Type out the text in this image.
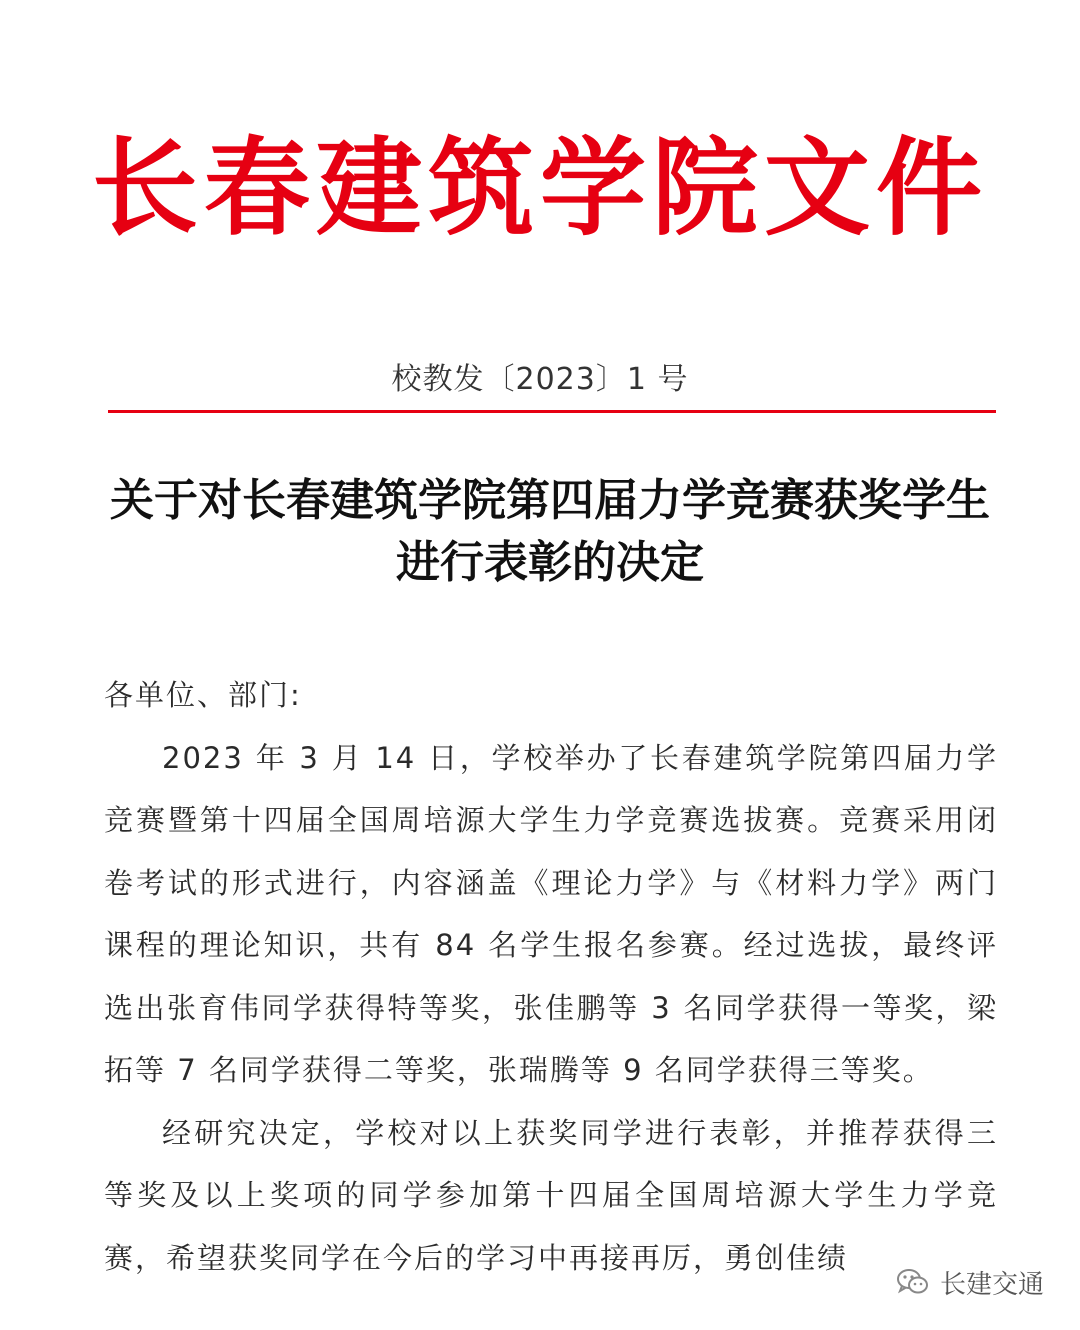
长春建筑学院文件
校教发〔2023〕1 号
关于对长春建筑学院第四届力学竞赛获奖学生
进行表彰的决定

各单位、部门:

2023 年 3 月 14 日，学校举办了长春建筑学院第四届力学竞赛暨第十四届全国周培源大学生力学竞赛选拔赛。竞赛采用闭卷考试的形式进行，内容涵盖《理论力学》与《材料力学》两门课程的理论知识，共有 84 名学生报名参赛。经过选拔，最终评选出张育伟同学获得特等奖，张佳鹏等 3 名同学获得一等奖，梁拓等 7 名同学获得二等奖，张瑞腾等 9 名同学获得三等奖。

经研究决定，学校对以上获奖同学进行表彰，并推荐获得三等奖及以上奖项的同学参加第十四届全国周培源大学生力学竞赛，希望获奖同学在今后的学习中再接再厉，勇创佳绩

长建交通
